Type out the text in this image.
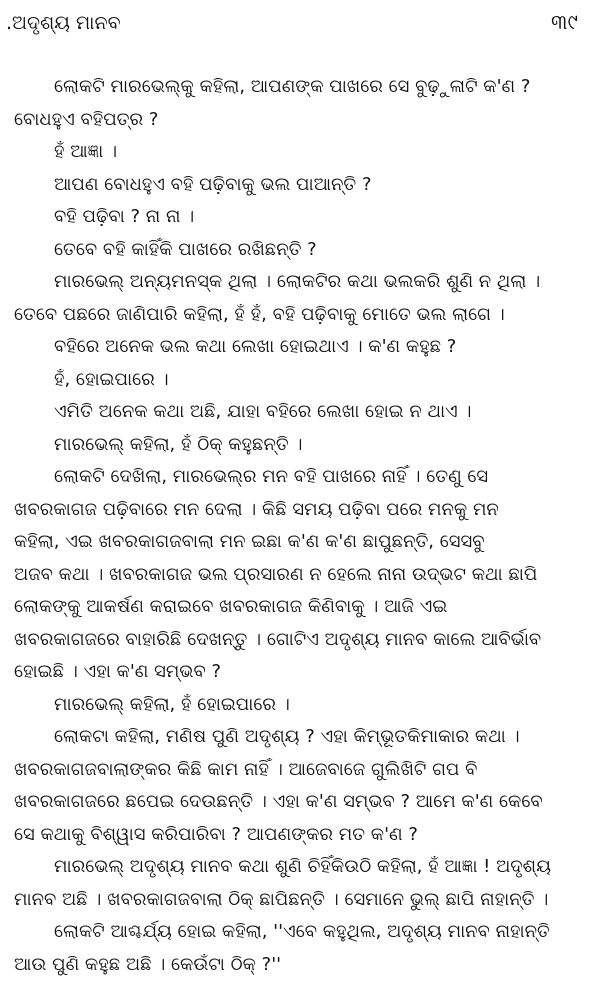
.ଅଦୃଶ୍ୟ ମାନବ	୩୯
ଲୋକଟି ମାରଭେଲ୍କୁ କହିଲା, ଆପଣଙ୍କ ପାଖରେ ସେ ବୁଢ଼ୁଳାଟି କ'ଣ ?
ବୋଧହୁଏ ବହିପତ୍ର ?
ହଁ ଆଜ୍ଞା ।
ଆପଣ ବୋଧହୁଏ ବହି ପଢ଼ିବାକୁ ଭଲ ପାଆନ୍ତି ?
ବହି ପଢ଼ିବା ? ନା ନା ।
ତେବେ ବହି କାହିଁକି ପାଖରେ ରଖିଛନ୍ତି ?
ମାରଭେଲ୍ ଅନ୍ୟମନସ୍କ ଥିଲା । ଲୋକଟିର କଥା ଭଲକରି ଶୁଣି ନ ଥିଲା ।
ତେବେ ପଛରେ ଜାଣିପାରି କହିଲା, ହଁ ହଁ, ବହି ପଢ଼ିବାକୁ ମୋତେ ଭଲ ଲାଗେ ।
ବହିରେ ଅନେକ ଭଲ କଥା ଲେଖା ହୋଇଥାଏ । କ'ଣ କହୁଛ ?
ହଁ, ହୋଇପାରେ ।
ଏମିତି ଅନେକ କଥା ଅଛି, ଯାହା ବହିରେ ଲେଖା ହୋଇ ନ ଥାଏ ।
ମାରଭେଲ୍ କହିଲା, ହଁ ଠିକ୍ କହୁଛନ୍ତି ।
ଲୋକଟି ଦେଖିଲା, ମାରଭେଲ୍ର ମନ ବହି ପାଖରେ ନାହିଁ । ତେଣୁ ସେ
ଖବରକାଗଜ ପଢ଼ିବାରେ ମନ ଦେଲା । କିଛି ସମୟ ପଢ଼ିବା ପରେ ମନକୁ ମନ
କହିଲା, ଏଇ ଖବରକାଗଜବାଲା ମନ ଇଛା କ'ଣ କ'ଣ ଛାପୁଛନ୍ତି, ସେସବୁ
ଅଜବ କଥା । ଖବରକାଗଜ ଭଲ ପ୍ରସାରଣ ନ ହେଲେ ନାନା ଉଦ୍ଭଟ କଥା ଛାପି
ଲୋକଙ୍କୁ ଆକର୍ଷଣ କରାଇବେ ଖବରକାଗଜ କିଣିବାକୁ । ଆଜି ଏଇ
ଖବରକାଗଜରେ ବାହାରିଛି ଦେଖନ୍ତୁ । ଗୋଟିଏ ଅଦୃଶ୍ୟ ମାନବ କାଲେ ଆବିର୍ଭାବ
ହୋଇଛି । ଏହା କ'ଣ ସମ୍ଭବ ?
ମାରଭେଲ୍ କହିଲା, ହଁ ହୋଇପାରେ ।
ଲୋକଟା କହିଲା, ମଣିଷ ପୁଣି ଅଦୃଶ୍ୟ ? ଏହା କିମ୍ଭୂତକିମାକାର କଥା ।
ଖବରକାଗଜବାଲାଙ୍କର କିଛି କାମ ନାହିଁ । ଆଜେବାଜେ ଗୁଲିଖିଟି ଗପ ବି
ଖବରକାଗଜରେ ଛପେଇ ଦେଉଛନ୍ତି । ଏହା କ'ଣ ସମ୍ଭବ ? ଆମେ କ'ଣ କେବେ
ସେ କଥାକୁ ବିଶ୍ୱାସ କରିପାରିବା ? ଆପଣଙ୍କର ମତ କ'ଣ ?
ମାରଭେଲ୍ ଅଦୃଶ୍ୟ ମାନବ କଥା ଶୁଣି ଚିହିଁକିଉଠି କହିଲା, ହଁ ଆଜ୍ଞା ! ଅଦୃଶ୍ୟ
ମାନବ ଅଛି । ଖବରକାଗଜବାଲା ଠିକ୍ ଛାପିଛନ୍ତି । ସେମାନେ ଭୁଲ୍ ଛାପି ନାହାନ୍ତି ।
ଲୋକଟି ଆଶ୍ଚର୍ଯ୍ୟ ହୋଇ କହିଲା, ''ଏବେ କହୁଥିଲ, ଅଦୃଶ୍ୟ ମାନବ ନାହାନ୍ତି
ଆଉ ପୁଣି କହୁଛ ଅଛି । କେଉଁଟା ଠିକ୍ ?''
